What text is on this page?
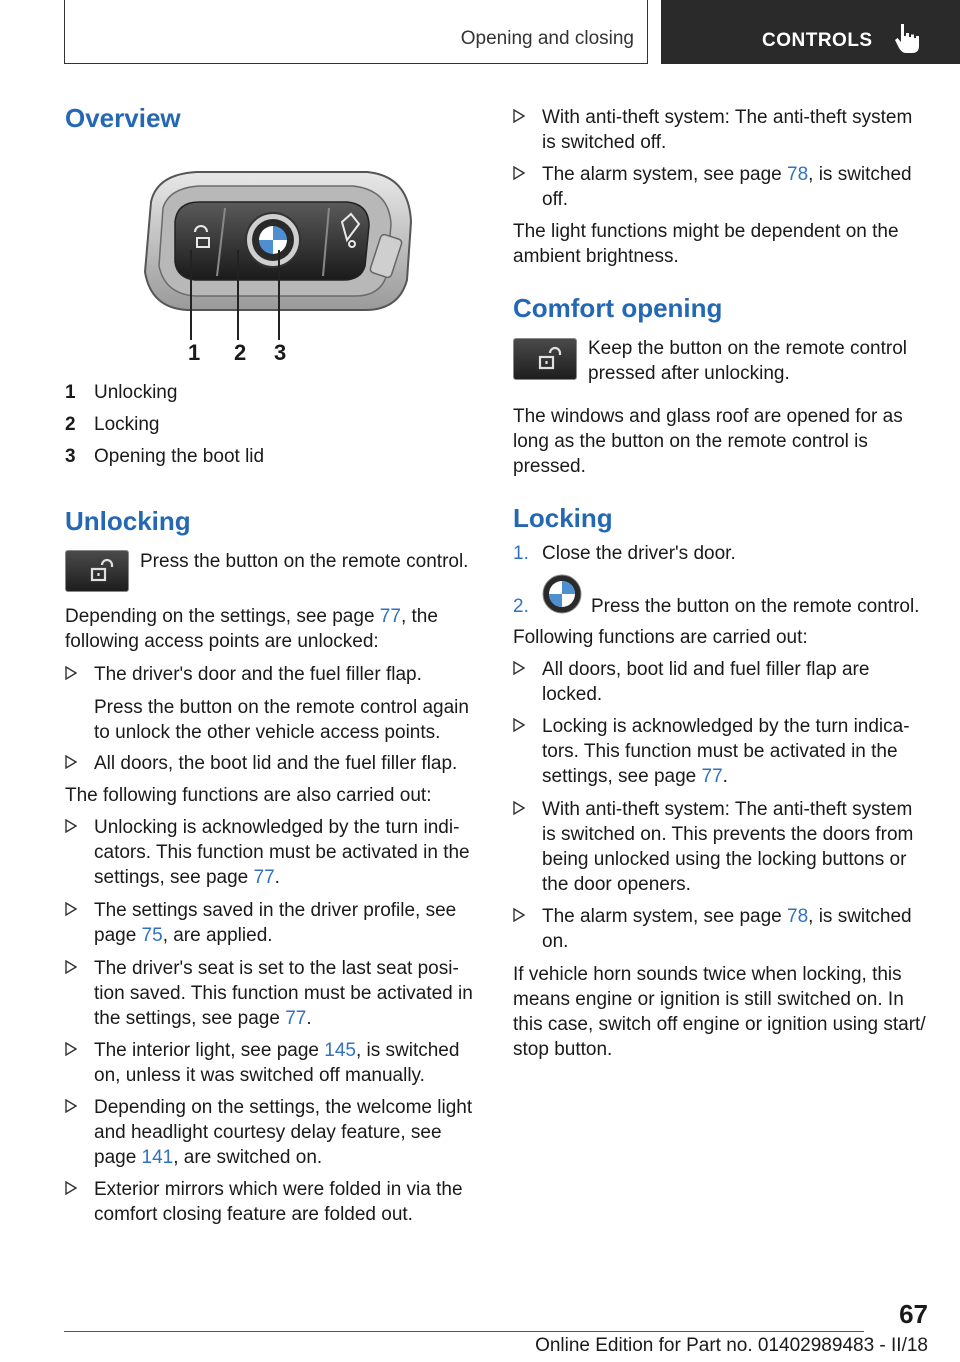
Opening and closing	CONTROLS
Overview
1 2 3
1 Unlocking
2 Locking
3 Opening the boot lid
Unlocking

Press the button on the remote control.

Depending on the settings, see page 77, the

following access points are unlocked:

The driver's door and the fuel filler flap.
Press the button on the remote control again
to unlock the other vehicle access points.
All doors, the boot lid and the fuel filler flap.

The following functions are also carried out:

Unlocking is acknowledged by the turn indi-
cators. This function must be activated in the
settings, see page 77.
The settings saved in the driver profile, see
page 75, are applied.
The driver's seat is set to the last seat posi-
tion saved. This function must be activated in
the settings, see page 77.
The interior light, see page 145, is switched
on, unless it was switched off manually.
Depending on the settings, the welcome light
and headlight courtesy delay feature, see
page 141, are switched on.
Exterior mirrors which were folded in via the
comfort closing feature are folded out.
With anti-theft system: The anti-theft system
is switched off.
The alarm system, see page 78, is switched
off.

The light functions might be dependent on the

ambient brightness.

Comfort opening

Keep the button on the remote control

pressed after unlocking.

The windows and glass roof are opened for as

long as the button on the remote control is

pressed.

Locking

1. Close the driver's door.

2.	Press the button on the remote control.

Following functions are carried out:

All doors, boot lid and fuel filler flap are
locked.
Locking is acknowledged by the turn indica-
tors. This function must be activated in the
settings, see page 77.
With anti-theft system: The anti-theft system
is switched on. This prevents the doors from
being unlocked using the locking buttons or
the door openers.
The alarm system, see page 78, is switched
on.

If vehicle horn sounds twice when locking, this

means engine or ignition is still switched on. In

this case, switch off engine or ignition using start/

stop button.

67
Online Edition for Part no. 01402989483 - II/18
